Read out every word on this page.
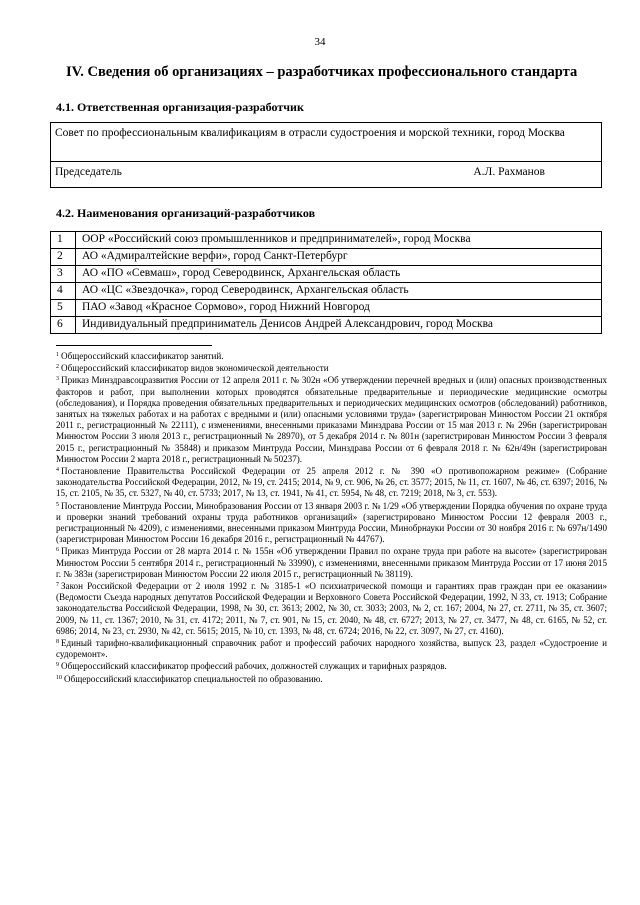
34
IV. Сведения об организациях – разработчиках профессионального стандарта
4.1. Ответственная организация-разработчик
Совет по профессиональным квалификациям в отрасли судостроения и морской техники, город Москва
Председатель	А.Л. Рахманов
4.2. Наименования организаций-разработчиков
1	ООР «Российский союз промышленников и предпринимателей», город Москва
2	АО «Адмиралтейские верфи», город Санкт-Петербург
3	АО «ПО «Севмаш», город Северодвинск, Архангельская область
4	АО «ЦС «Звездочка», город Северодвинск, Архангельская область
5	ПАО «Завод «Красное Сормово», город Нижний Новгород
6	Индивидуальный предприниматель Денисов Андрей Александрович, город Москва

$^1$ Общероссийский классификатор занятий.

$^2$ Общероссийский классификатор видов экономической деятельности

$^3$ Приказ Минздравсоцразвития России от 12 апреля 2011 г. № 302н «Об утверждении перечней вредных и (или) опасных производственных факторов и работ, при выполнении которых проводятся обязательные предварительные и периодические медицинские осмотры (обследования), и Порядка проведения обязательных предварительных и периодических медицинских осмотров (обследований) работников, занятых на тяжелых работах и на работах с вредными и (или) опасными условиями труда» (зарегистрирован Минюстом России 21 октября 2011 г., регистрационный № 22111), с изменениями, внесенными приказами Минздрава России от 15 мая 2013 г. № 296н (зарегистрирован Минюстом России 3 июля 2013 г., регистрационный № 28970), от 5 декабря 2014 г. № 801н (зарегистрирован Минюстом России 3 февраля 2015 г., регистрационный № 35848) и приказом Минтруда России, Минздрава России от 6 февраля 2018 г. № 62н/49н (зарегистрирован Минюстом России 2 марта 2018 г., регистрационный № 50237).

$^4$ Постановление Правительства Российской Федерации от 25 апреля 2012 г. № 390 «О противопожарном режиме» (Собрание законодательства Российской Федерации, 2012, № 19, ст. 2415; 2014, № 9, ст. 906, № 26, ст. 3577; 2015, № 11, ст. 1607, № 46, ст. 6397; 2016, № 15, ст. 2105, № 35, ст. 5327, № 40, ст. 5733; 2017, № 13, ст. 1941, № 41, ст. 5954, № 48, ст. 7219; 2018, № 3, ст. 553).

$^5$ Постановление Минтруда России, Минобразования России от 13 января 2003 г. № 1/29 «Об утверждении Порядка обучения по охране труда и проверки знаний требований охраны труда работников организаций» (зарегистрировано Минюстом России 12 февраля 2003 г., регистрационный № 4209), с изменениями, внесенными приказом Минтруда России, Минобрнауки России от 30 ноября 2016 г. № 697н/1490 (зарегистрирован Минюстом России 16 декабря 2016 г., регистрационный № 44767).

$^6$ Приказ Минтруда России от 28 марта 2014 г. № 155н «Об утверждении Правил по охране труда при работе на высоте» (зарегистрирован Минюстом России 5 сентября 2014 г., регистрационный № 33990), с изменениями, внесенными приказом Минтруда России от 17 июня 2015 г. № 383н (зарегистрирован Минюстом России 22 июля 2015 г., регистрационный № 38119).

$^7$ Закон Российской Федерации от 2 июля 1992 г. № 3185-1 «О психиатрической помощи и гарантиях прав граждан при ее оказании» (Ведомости Съезда народных депутатов Российской Федерации и Верховного Совета Российской Федерации, 1992, N 33, ст. 1913; Собрание законодательства Российской Федерации, 1998, № 30, ст. 3613; 2002, № 30, ст. 3033; 2003, № 2, ст. 167; 2004, № 27, ст. 2711, № 35, ст. 3607; 2009, № 11, ст. 1367; 2010, № 31, ст. 4172; 2011, № 7, ст. 901, № 15, ст. 2040, № 48, ст. 6727; 2013, № 27, ст. 3477, № 48, ст. 6165, № 52, ст. 6986; 2014, № 23, ст. 2930, № 42, ст. 5615; 2015, № 10, ст. 1393, № 48, ст. 6724; 2016, № 22, ст. 3097, № 27, ст. 4160).

$^8$ Единый тарифно-квалификационный справочник работ и профессий рабочих народного хозяйства, выпуск 23, раздел «Судостроение и судоремонт».

$^9$ Общероссийский классификатор профессий рабочих, должностей служащих и тарифных разрядов.

$^{10}$ Общероссийский классификатор специальностей по образованию.
